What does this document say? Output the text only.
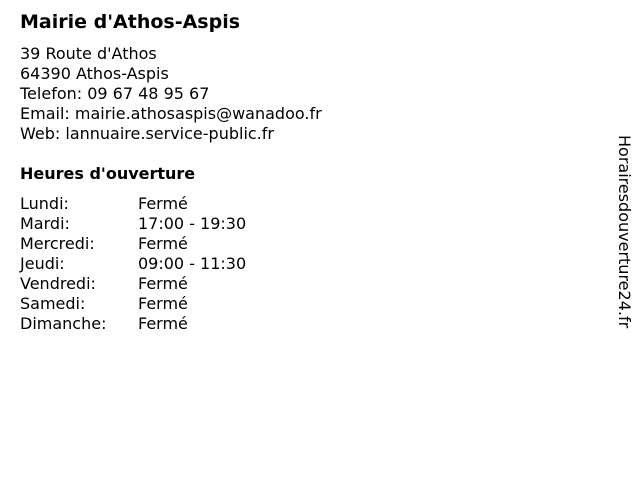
Mairie d'Athos-Aspis
39 Route d'Athos
64390 Athos-Aspis
Telefon: 09 67 48 95 67
Email: mairie.athosaspis@wanadoo.fr
Web: lannuaire.service-public.fr
Heures d'ouverture
Lundi:	Fermé
Mardi:	17:00 - 19:30
Mercredi:	Fermé
Jeudi:	09:00 - 11:30
Vendredi:	Fermé
Samedi:	Fermé
Dimanche:	Fermé	Horairesdouverture24.fr
